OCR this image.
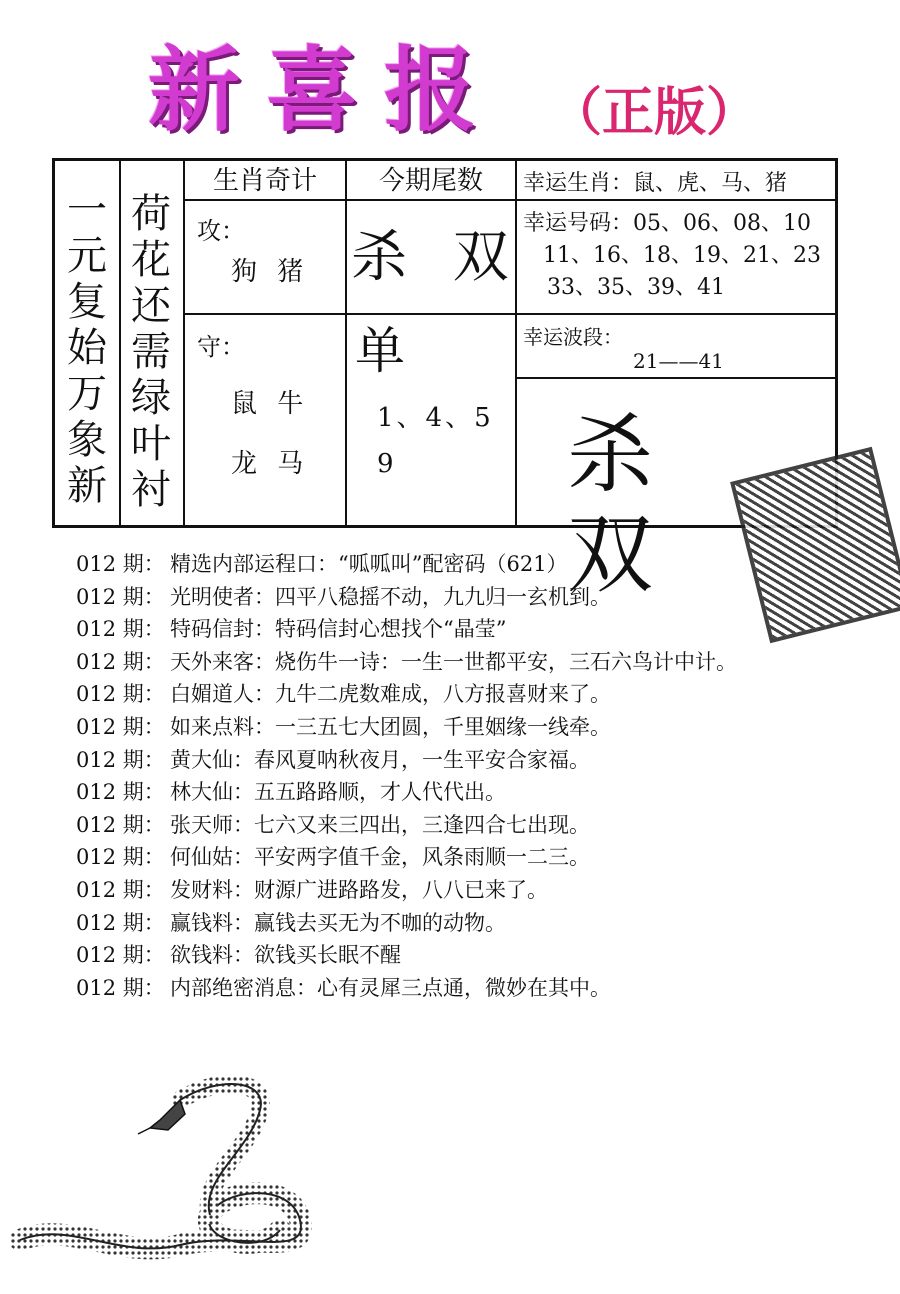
新喜报 （正版）
一元复始万象新
荷花还需绿叶衬
生肖奇计	今期尾数	幸运生肖：鼠、虎、马、猪
攻：
狗 猪
守：
鼠 牛
龙 马
杀 双
单
1、4、5
9
幸运号码：05、06、08、10
11、16、18、19、21、23
33、35、39、41
幸运波段：
21——41
杀 双
012 期： 精选内部运程口：“呱呱叫”配密码（621）
012 期： 光明使者：四平八稳摇不动，九九归一玄机到。
012 期： 特码信封：特码信封心想找个“晶莹”
012 期： 天外来客：烧伤牛一诗：一生一世都平安，三石六鸟计中计。
012 期： 白媚道人：九牛二虎数难成，八方报喜财来了。
012 期： 如来点料：一三五七大团圆，千里姻缘一线牵。
012 期： 黄大仙：春风夏呐秋夜月，一生平安合家福。
012 期： 林大仙：五五路路顺，才人代代出。
012 期： 张天师：七六又来三四出，三逢四合七出现。
012 期： 何仙姑：平安两字值千金，风条雨顺一二三。
012 期： 发财料：财源广进路路发，八八已来了。
012 期： 赢钱料：赢钱去买无为不咖的动物。
012 期： 欲钱料：欲钱买长眠不醒
012 期： 内部绝密消息：心有灵犀三点通，微妙在其中。
